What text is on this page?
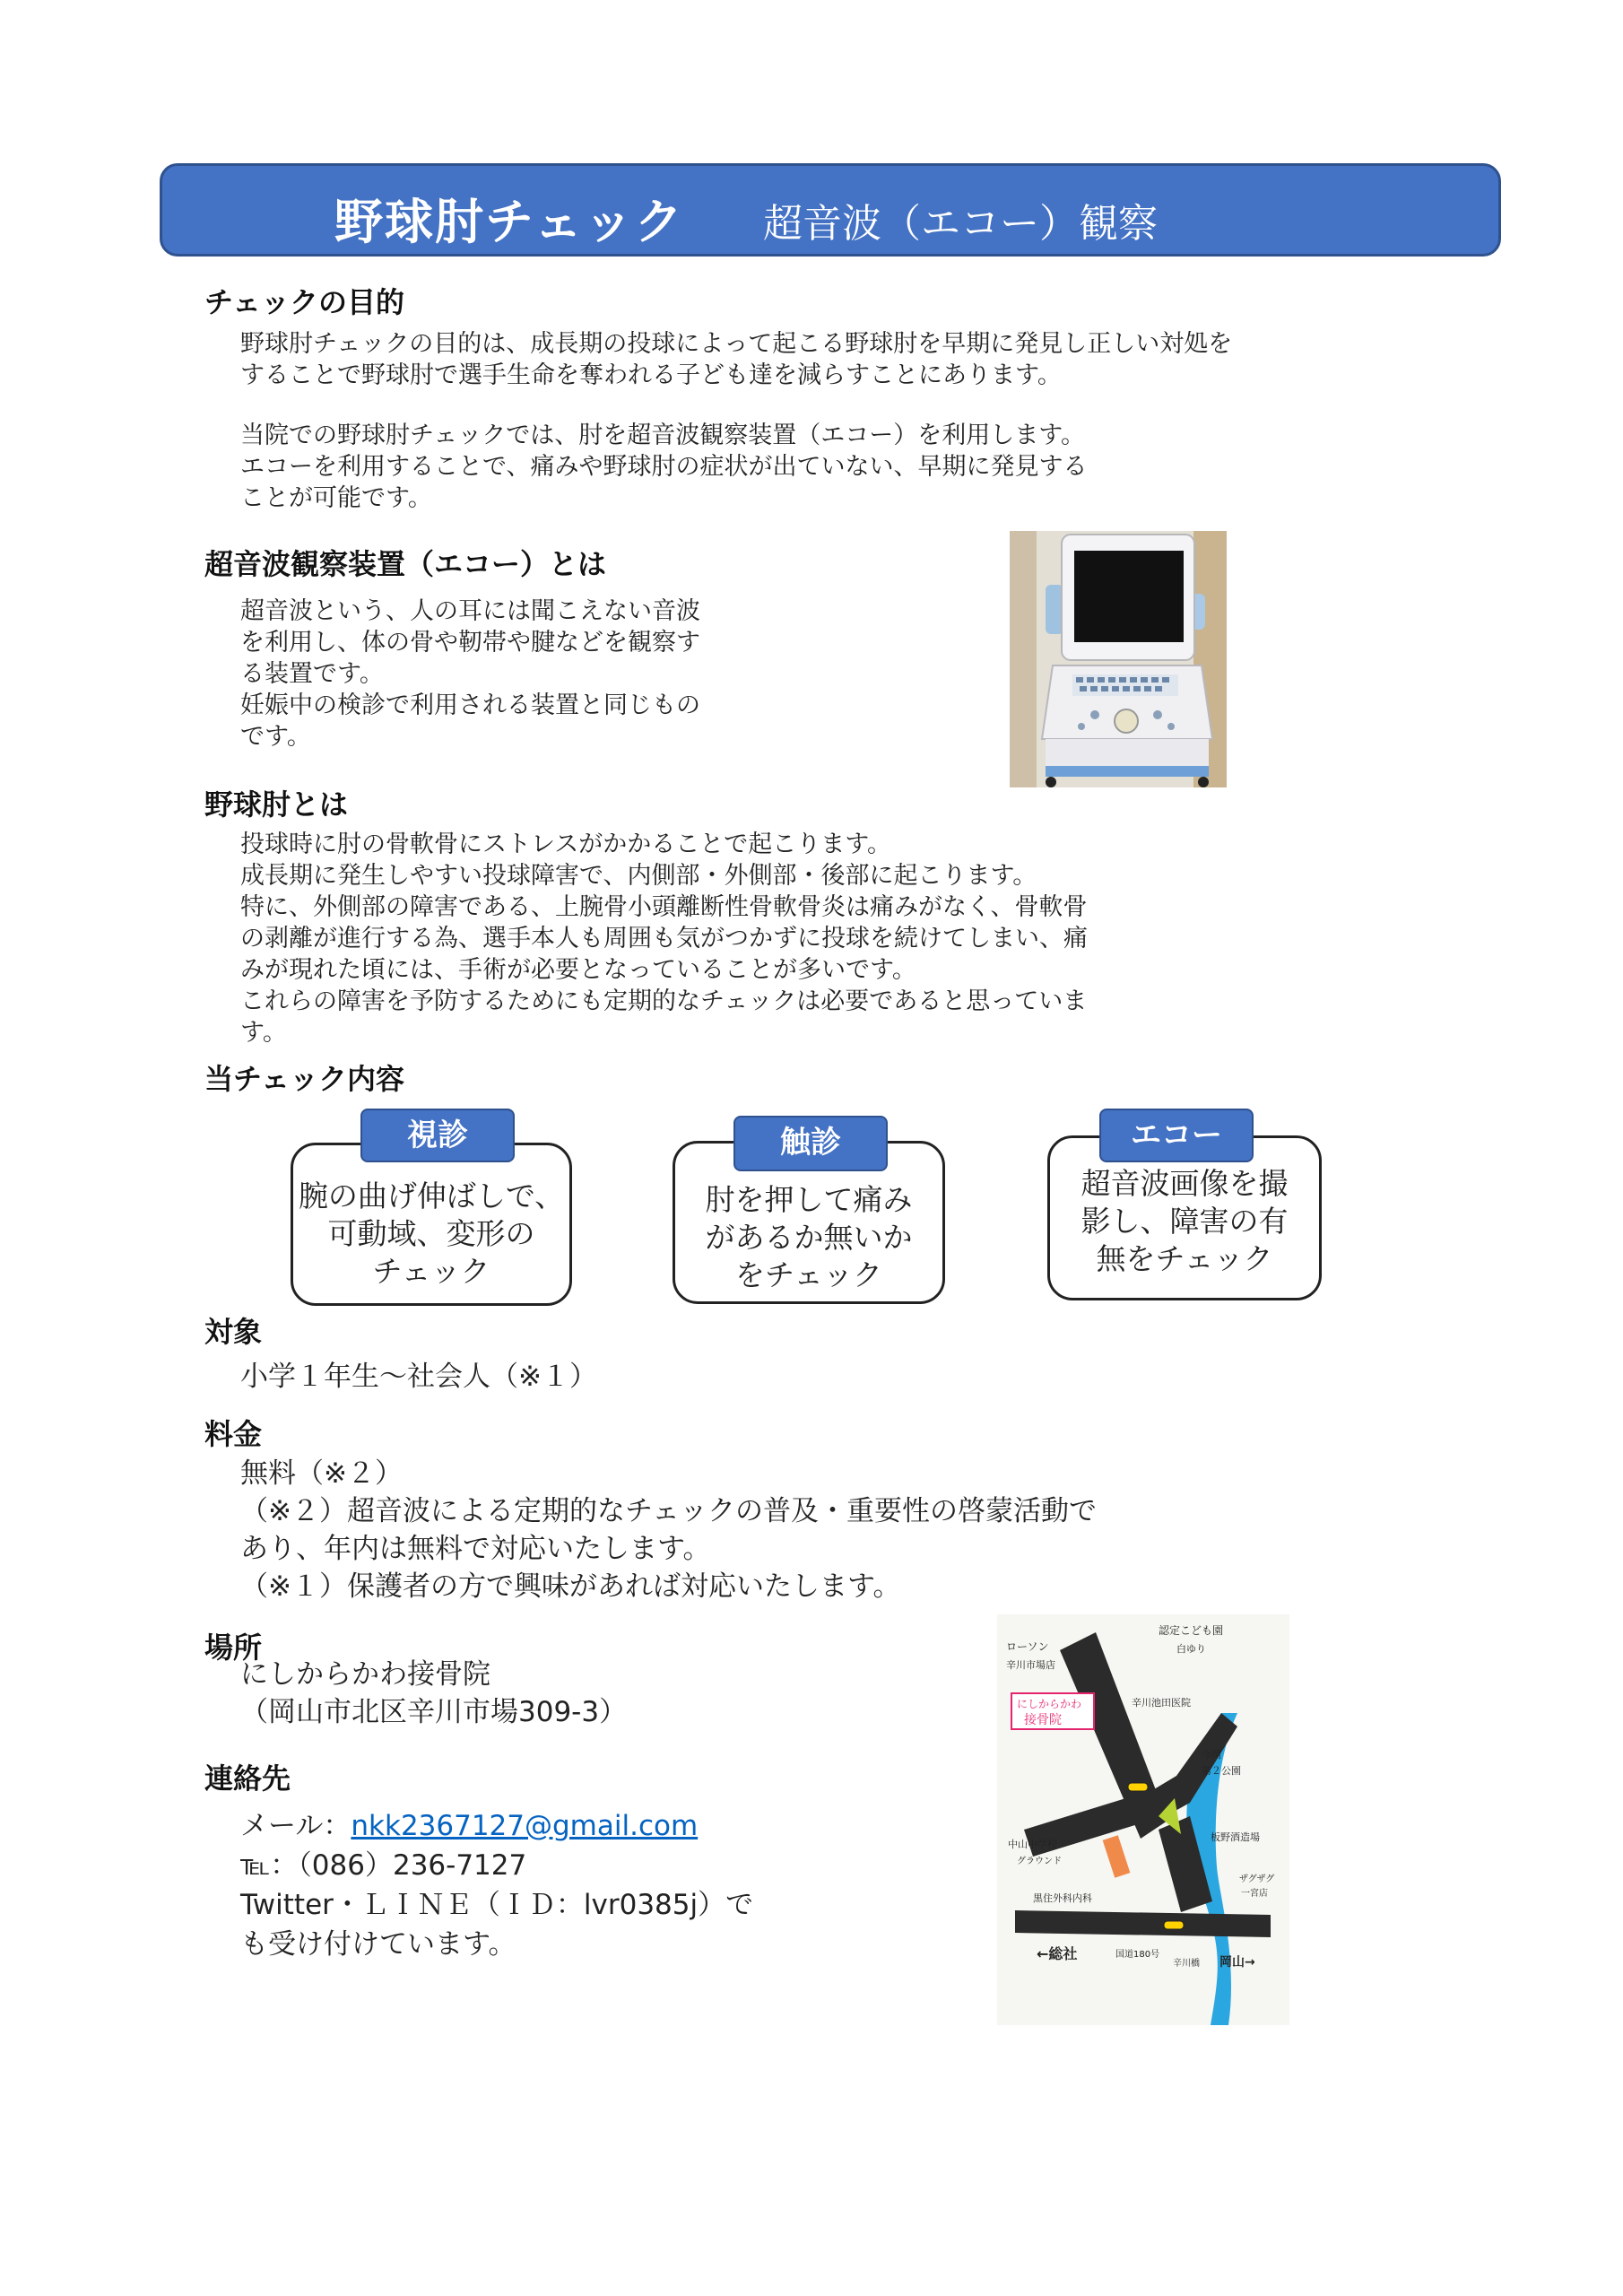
野球肘チェック 超音波（エコー）観察
チェックの目的
野球肘チェックの目的は、成長期の投球によって起こる野球肘を早期に発見し正しい対処を
することで野球肘で選手生命を奪われる子ども達を減らすことにあります。
当院での野球肘チェックでは、肘を超音波観察装置（エコー）を利用します。
エコーを利用することで、痛みや野球肘の症状が出ていない、早期に発見する
ことが可能です。
超音波観察装置（エコー）とは
超音波という、人の耳には聞こえない音波
を利用し、体の骨や靭帯や腱などを観察す
る装置です。
妊娠中の検診で利用される装置と同じもの
です。
野球肘とは
投球時に肘の骨軟骨にストレスがかかることで起こります。
成長期に発生しやすい投球障害で、内側部・外側部・後部に起こります。
特に、外側部の障害である、上腕骨小頭離断性骨軟骨炎は痛みがなく、骨軟骨
の剥離が進行する為、選手本人も周囲も気がつかずに投球を続けてしまい、痛
みが現れた頃には、手術が必要となっていることが多いです。
これらの障害を予防するためにも定期的なチェックは必要であると思っていま
す。
当チェック内容
腕の曲げ伸ばしで、
可動域、変形の
チェック
視診
肘を押して痛み
があるか無いか
をチェック
触診
超音波画像を撮
影し、障害の有
無をチェック
エコー
対象
小学１年生～社会人（※１）
料金
無料（※２）
（※２）超音波による定期的なチェックの普及・重要性の啓蒙活動で
あり、年内は無料で対応いたします。
（※１）保護者の方で興味があれば対応いたします。
場所
にしからかわ接骨院
（岡山市北区辛川市場309-3）
連絡先
メール：nkk2367127@gmail.com
℡：（086）236-7127
Twitter・ＬＩＮＥ（ＩＤ：lvr0385j）で
も受け付けています。
にしからかわ
接骨院
ローソン
辛川市場店
認定こども園
白ゆり
辛川池田医院
今岡
第２公園
中山中学校
グラウンド
板野酒造場
黒住外科内科
ザグザグ
一宮店
←総社	国道180号
辛川橋 岡山→
